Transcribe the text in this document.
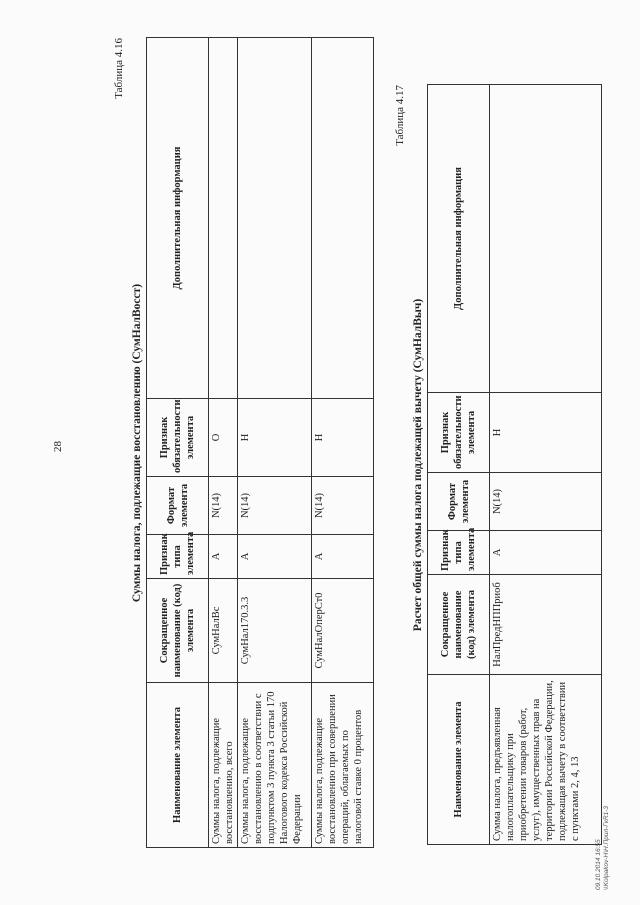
28
Таблица 4.16
Суммы налога, подлежащие восстановлению (СумНалВосст)
Наименование элемента	Сокращенное наименование (код) элемента	Признак типа элемента	Формат элемента	Признак обязательности элемента	Дополнительная информация
Суммы налога, подлежащие восстановлению, всего	СумНалВс	А	N(14)	О	
Суммы налога, подлежащие восстановлению в соответствии с подпунктом 3 пункта 3 статьи 170 Налогового кодекса Российской Федерации	СумНал170.3.3	А	N(14)	Н	
Суммы налога, подлежащие восстановлению при совершении операций, облагаемых по налоговой ставке 0 процентов	СумНалОперСт0	А	N(14)	Н	
Таблица 4.17
Расчет общей суммы налога подлежащей вычету (СумНалВыч)
Наименование элемента	Сокращенное наименование (код) элемента	Признак типа элемента	Формат элемента	Признак обязательности элемента	Дополнительная информация
Сумма налога, предъявленная налогоплательщику при приобретении товаров (работ, услуг), имущественных прав на территории Российской Федерации, подлежащая вычету в соответствии с пунктами 2, 4, 13	НалПредНППриоб	А	N(14)	Н	
09.10.2014 16:55 \\Kolpakov-Н\Н.Прил-ГкR1-3
